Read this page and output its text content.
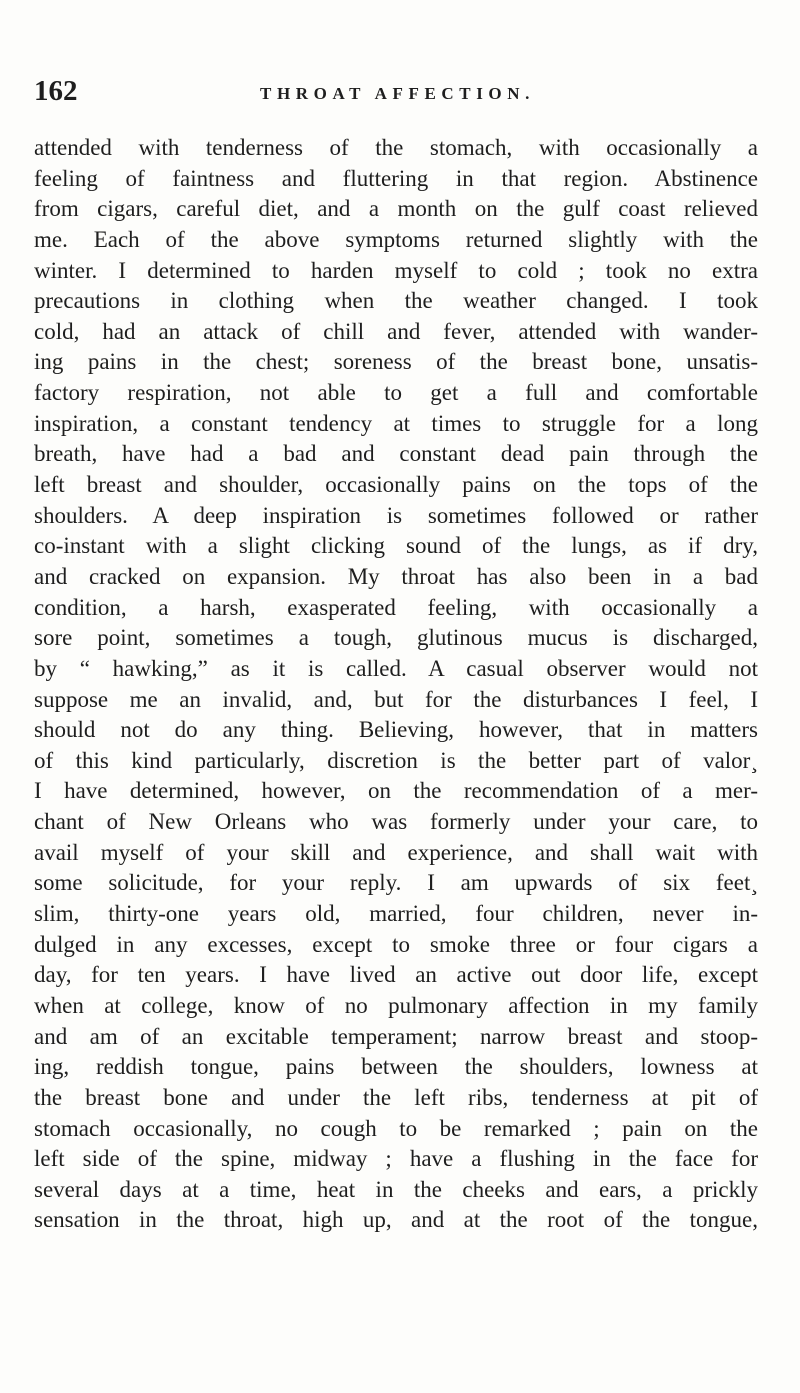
162	THROAT AFFECTION.
attended with tenderness of the stomach, with occasionally a
feeling of faintness and fluttering in that region. Abstinence
from cigars, careful diet, and a month on the gulf coast relieved
me. Each of the above symptoms returned slightly with the
winter. I determined to harden myself to cold ; took no extra
precautions in clothing when the weather changed. I took
cold, had an attack of chill and fever, attended with wander-
ing pains in the chest; soreness of the breast bone, unsatis-
factory respiration, not able to get a full and comfortable
inspiration, a constant tendency at times to struggle for a long
breath, have had a bad and constant dead pain through the
left breast and shoulder, occasionally pains on the tops of the
shoulders. A deep inspiration is sometimes followed or rather
co-instant with a slight clicking sound of the lungs, as if dry,
and cracked on expansion. My throat has also been in a bad
condition, a harsh, exasperated feeling, with occasionally a
sore point, sometimes a tough, glutinous mucus is discharged,
by “ hawking,” as it is called. A casual observer would not
suppose me an invalid, and, but for the disturbances I feel, I
should not do any thing. Believing, however, that in matters
of this kind particularly, discretion is the better part of valor¸
I have determined, however, on the recommendation of a mer-
chant of New Orleans who was formerly under your care, to
avail myself of your skill and experience, and shall wait with
some solicitude, for your reply. I am upwards of six feet¸
slim, thirty-one years old, married, four children, never in-
dulged in any excesses, except to smoke three or four cigars a
day, for ten years. I have lived an active out door life, except
when at college, know of no pulmonary affection in my family
and am of an excitable temperament; narrow breast and stoop-
ing, reddish tongue, pains between the shoulders, lowness at
the breast bone and under the left ribs, tenderness at pit of
stomach occasionally, no cough to be remarked ; pain on the
left side of the spine, midway ; have a flushing in the face for
several days at a time, heat in the cheeks and ears, a prickly
sensation in the throat, high up, and at the root of the tongue,
